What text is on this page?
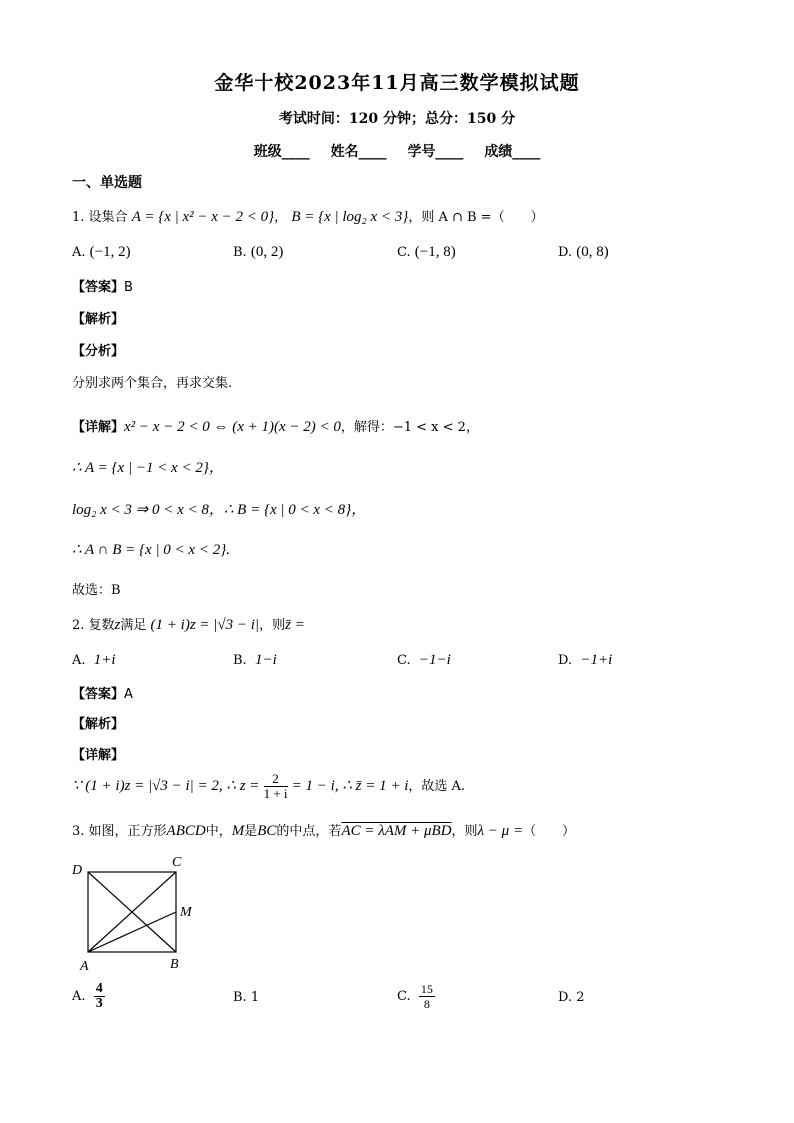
金华十校2023年11月高三数学模拟试题
考试时间：120 分钟；总分：150 分
班级____ 姓名____ 学号____ 成绩____
一、单选题
1. 设集合 A = {x | x² − x − 2 < 0}， B = {x | log₂ x < 3}，则 A ∩ B =（　　）
A. (−1, 2)	B. (0, 2)	C. (−1, 8)	D. (0, 8)
【答案】B
【解析】
【分析】
分别求两个集合，再求交集.
【详解】x² − x − 2 < 0 ⇔ (x + 1)(x − 2) < 0，解得：−1 < x < 2，
∴ A = {x | −1 < x < 2}，
log₂ x < 3 ⇒ 0 < x < 8，∴ B = {x | 0 < x < 8}，
∴ A ∩ B = {x | 0 < x < 2}.
故选：B
2. 复数z满足 (1 + i)z = |√3 − i|，则z̄ =
A. 1+i	B. 1−i	C. −1−i	D. −1+i
【答案】A
【解析】
【详解】
∵ (1 + i)z = |√3 − i| = 2, ∴ $z = \frac{2}{1 + i} = 1 - i$, ∴ z̄ = 1 + i，故选 A.
3. 如图，正方形ABCD中，M是BC的中点，若AC = λAM + μBD，则λ − μ =（　　）
D
C
M
A	B
A. $\frac{4}{3}$	B. 1	C. $\frac{15}{8}$	D. 2
